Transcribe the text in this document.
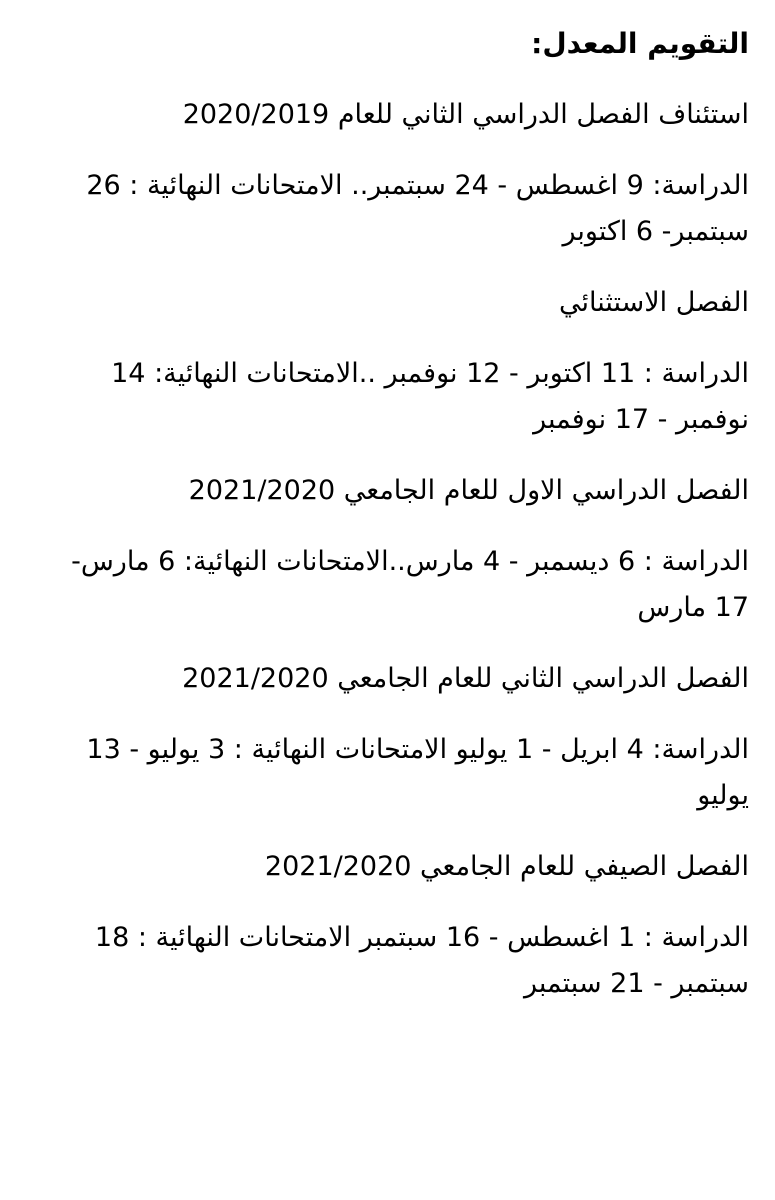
التقويم المعدل:
استئناف الفصل الدراسي الثاني للعام 2020/2019
الدراسة: 9 اغسطس - 24 سبتمبر.. الامتحانات النهائية : 26
سبتمبر- 6 اكتوبر
الفصل الاستثنائي
الدراسة : 11 اكتوبر - 12 نوفمبر ..الامتحانات النهائية: 14
نوفمبر - 17 نوفمبر
الفصل الدراسي الاول للعام الجامعي 2021/2020
الدراسة : 6 ديسمبر - 4 مارس..الامتحانات النهائية: 6 مارس-
17 مارس
الفصل الدراسي الثاني للعام الجامعي 2021/2020
الدراسة: 4 ابريل - 1 يوليو الامتحانات النهائية : 3 يوليو - 13
يوليو
الفصل الصيفي للعام الجامعي 2021/2020
الدراسة : 1 اغسطس - 16 سبتمبر الامتحانات النهائية : 18
سبتمبر - 21 سبتمبر
